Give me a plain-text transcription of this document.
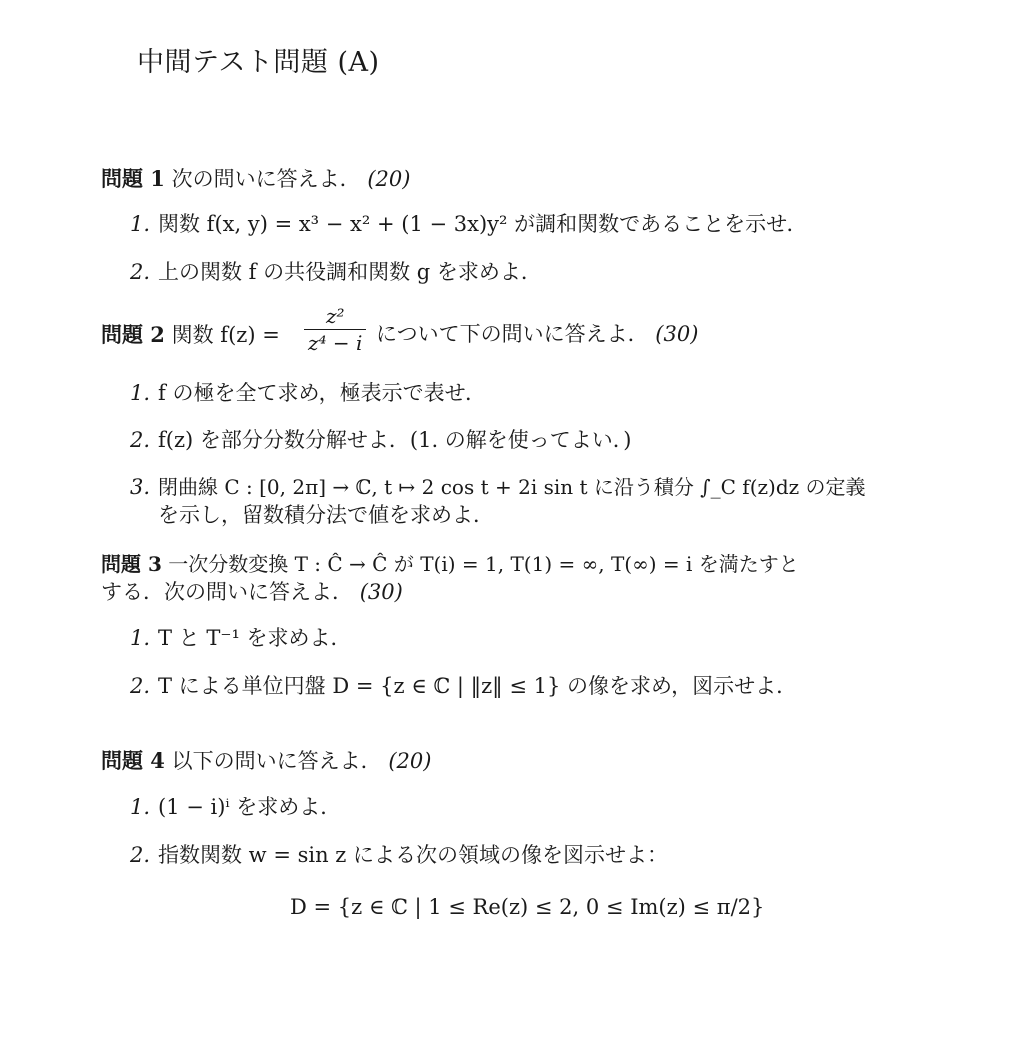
中間テスト問題 (A)
問題 1 次の問いに答えよ． (20)
1. 関数 f(x, y) = x³ − x² + (1 − 3x)y² が調和関数であることを示せ．
2. 上の関数 f の共役調和関数 g を求めよ．
問題 2 関数 $f(z) = \frac{\text{z²}}{\text{z⁴ − i}}$ について下の問いに答えよ． (30)
1. f の極を全て求め，極表示で表せ．
2. f(z) を部分分数分解せよ．(1. の解を使ってよい．)
3. 閉曲線 C : [0, 2π] → ℂ, t ↦ 2 cos t + 2i sin t に沿う積分 ∫_C f(z)dz の定義
を示し，留数積分法で値を求めよ．
問題 3 一次分数変換 T : Ĉ → Ĉ が T(i) = 1, T(1) = ∞, T(∞) = i を満たすと
する．次の問いに答えよ． (30)
1. T と T⁻¹ を求めよ．
2. T による単位円盤 D = {z ∈ ℂ | ‖z‖ ≤ 1} の像を求め，図示せよ．
問題 4 以下の問いに答えよ． (20)
1. (1 − i)ⁱ を求めよ．
2. 指数関数 w = sin z による次の領域の像を図示せよ：
D = {z ∈ ℂ | 1 ≤ Re(z) ≤ 2, 0 ≤ Im(z) ≤ π/2}
